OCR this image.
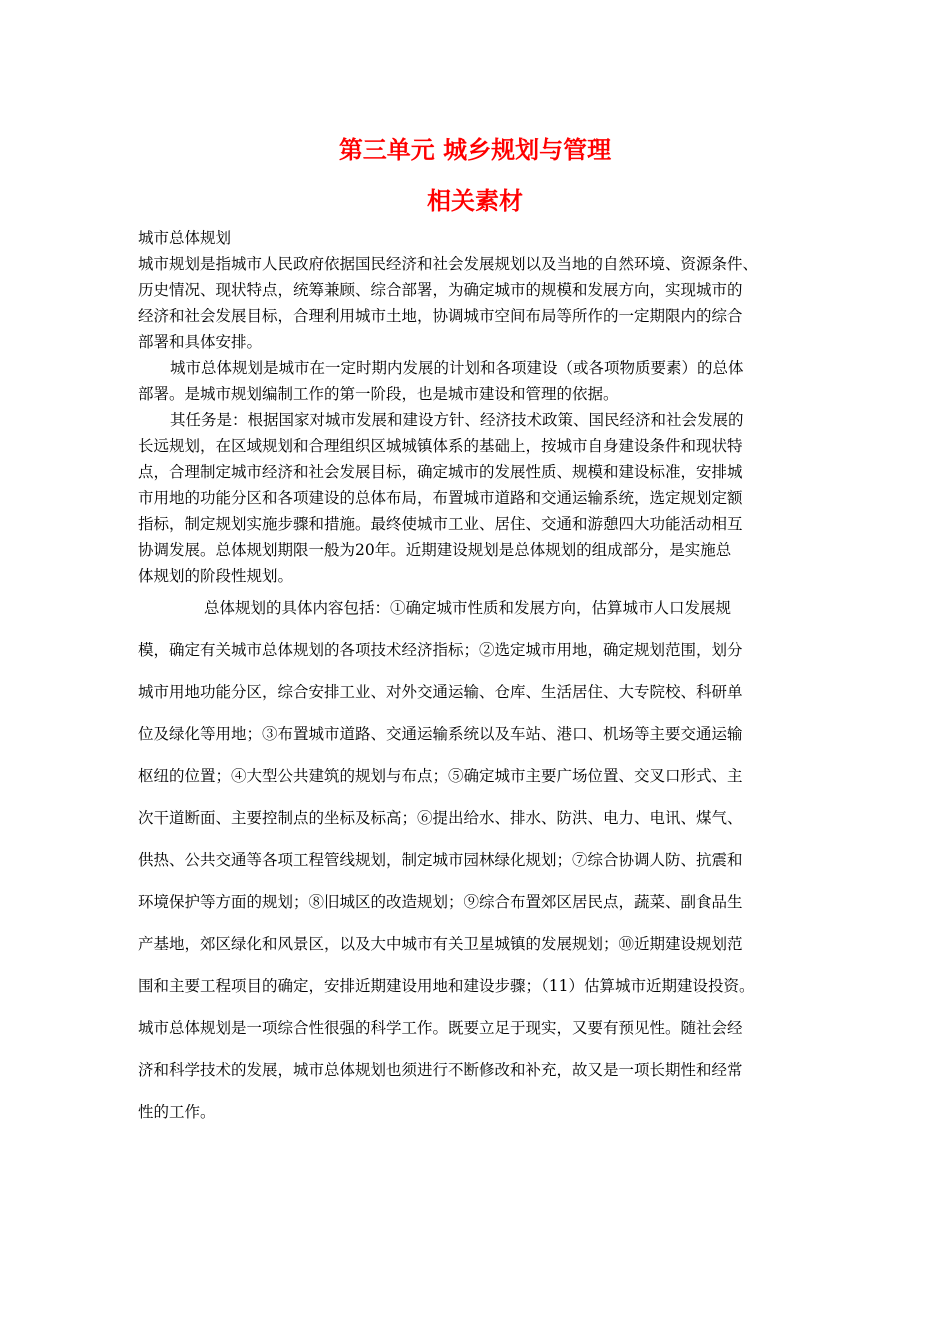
第三单元 城乡规划与管理
相关素材

城市总体规划

城市规划是指城市人民政府依据国民经济和社会发展规划以及当地的自然环境、资源条件、

历史情况、现状特点，统筹兼顾、综合部署，为确定城市的规模和发展方向，实现城市的

经济和社会发展目标，合理利用城市土地，协调城市空间布局等所作的一定期限内的综合

部署和具体安排。

城市总体规划是城市在一定时期内发展的计划和各项建设（或各项物质要素）的总体

部署。是城市规划编制工作的第一阶段，也是城市建设和管理的依据。

其任务是：根据国家对城市发展和建设方针、经济技术政策、国民经济和社会发展的

长远规划，在区域规划和合理组织区城城镇体系的基础上，按城市自身建设条件和现状特

点，合理制定城市经济和社会发展目标，确定城市的发展性质、规模和建设标准，安排城

市用地的功能分区和各项建设的总体布局，布置城市道路和交通运输系统，选定规划定额

指标，制定规划实施步骤和措施。最终使城市工业、居住、交通和游憩四大功能活动相互

协调发展。总体规划期限一般为20年。近期建设规划是总体规划的组成部分，是实施总

体规划的阶段性规划。

总体规划的具体内容包括：①确定城市性质和发展方向，估算城市人口发展规

模，确定有关城市总体规划的各项技术经济指标；②选定城市用地，确定规划范围，划分

城市用地功能分区，综合安排工业、对外交通运输、仓库、生活居住、大专院校、科研单

位及绿化等用地；③布置城市道路、交通运输系统以及车站、港口、机场等主要交通运输

枢纽的位置；④大型公共建筑的规划与布点；⑤确定城市主要广场位置、交叉口形式、主

次干道断面、主要控制点的坐标及标高；⑥提出给水、排水、防洪、电力、电讯、煤气、

供热、公共交通等各项工程管线规划，制定城市园林绿化规划；⑦综合协调人防、抗震和

环境保护等方面的规划；⑧旧城区的改造规划；⑨综合布置郊区居民点，蔬菜、副食品生

产基地，郊区绿化和风景区，以及大中城市有关卫星城镇的发展规划；⑩近期建设规划范

围和主要工程项目的确定，安排近期建设用地和建设步骤；（11）估算城市近期建设投资。

城市总体规划是一项综合性很强的科学工作。既要立足于现实，又要有预见性。随社会经

济和科学技术的发展，城市总体规划也须进行不断修改和补充，故又是一项长期性和经常

性的工作。
